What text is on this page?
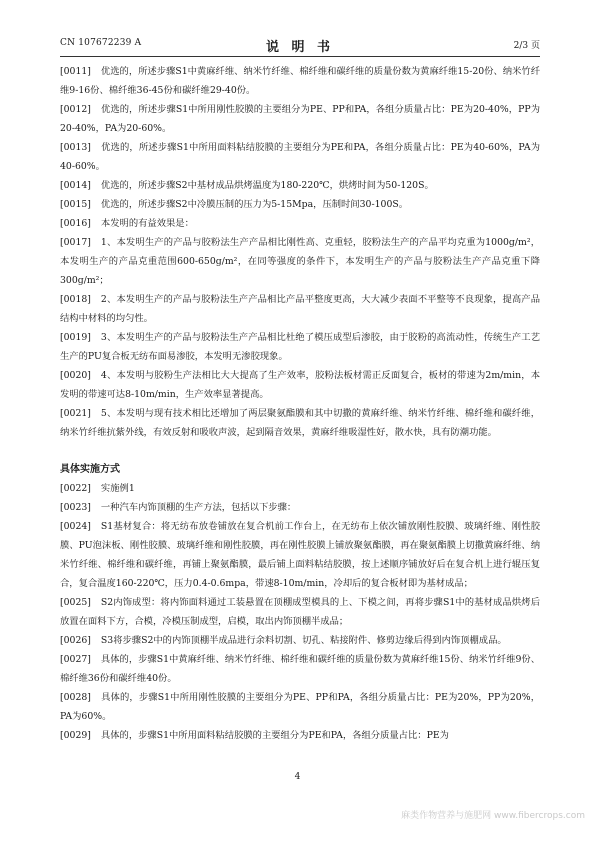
CN 107672239 A	说 明 书	2/3 页

[0011] 优选的，所述步骤S1中黄麻纤维、纳米竹纤维、棉纤维和碳纤维的质量份数为黄麻纤维15-20份、纳米竹纤维9-16份、棉纤维36-45份和碳纤维29-40份。

[0012] 优选的，所述步骤S1中所用刚性胶膜的主要组分为PE、PP和PA，各组分质量占比：PE为20-40%，PP为20-40%，PA为20-60%。

[0013] 优选的，所述步骤S1中所用面料粘结胶膜的主要组分为PE和PA，各组分质量占比：PE为40-60%，PA为40-60%。

[0014] 优选的，所述步骤S2中基材成品烘烤温度为180-220℃，烘烤时间为50-120S。

[0015] 优选的，所述步骤S2中冷膜压制的压力为5-15Mpa，压制时间30-100S。

[0016] 本发明的有益效果是：

[0017] 1、本发明生产的产品与胶粉法生产产品相比刚性高、克重轻，胶粉法生产的产品平均克重为1000g/m²，本发明生产的产品克重范围600-650g/m²，在同等强度的条件下，本发明生产的产品与胶粉法生产产品克重下降300g/m²；

[0018] 2、本发明生产的产品与胶粉法生产产品相比产品平整度更高，大大减少表面不平整等不良现象，提高产品结构中材料的均匀性。

[0019] 3、本发明生产的产品与胶粉法生产产品相比杜绝了模压成型后渗胶，由于胶粉的高流动性，传统生产工艺生产的PU复合板无纺布面易渗胶，本发明无渗胶现象。

[0020] 4、本发明与胶粉生产法相比大大提高了生产效率，胶粉法板材需正反面复合，板材的带速为2m/min，本发明的带速可达8-10m/min，生产效率显著提高。

[0021] 5、本发明与现有技术相比还增加了两层聚氨酯膜和其中切撒的黄麻纤维、纳米竹纤维、棉纤维和碳纤维，纳米竹纤维抗紫外线，有效反射和吸收声波，起到隔音效果，黄麻纤维吸湿性好，散水快，具有防潮功能。

具体实施方式

[0022] 实施例1

[0023] 一种汽车内饰顶棚的生产方法，包括以下步骤：

[0024] S1基材复合：将无纺布放卷铺放在复合机前工作台上，在无纺布上依次铺放刚性胶膜、玻璃纤维、刚性胶膜、PU泡沫板、刚性胶膜、玻璃纤维和刚性胶膜，再在刚性胶膜上铺放聚氨酯膜，再在聚氨酯膜上切撒黄麻纤维、纳米竹纤维、棉纤维和碳纤维，再铺上聚氨酯膜，最后铺上面料粘结胶膜，按上述顺序铺放好后在复合机上进行辊压复合，复合温度160-220℃，压力0.4-0.6mpa，带速8-10m/min，冷却后的复合板材即为基材成品；

[0025] S2内饰成型：将内饰面料通过工装悬置在顶棚成型模具的上、下模之间，再将步骤S1中的基材成品烘烤后放置在面料下方，合模，冷模压制成型，启模，取出内饰顶棚半成品；

[0026] S3将步骤S2中的内饰顶棚半成品进行余料切割、切孔、粘接附件、修剪边缘后得到内饰顶棚成品。

[0027] 具体的，步骤S1中黄麻纤维、纳米竹纤维、棉纤维和碳纤维的质量份数为黄麻纤维15份、纳米竹纤维9份、棉纤维36份和碳纤维40份。

[0028] 具体的，步骤S1中所用刚性胶膜的主要组分为PE、PP和PA，各组分质量占比：PE为20%，PP为20%，PA为60%。

[0029] 具体的，步骤S1中所用面料粘结胶膜的主要组分为PE和PA，各组分质量占比：PE为

4
麻类作物营养与施肥网 www.fibercrops.com
